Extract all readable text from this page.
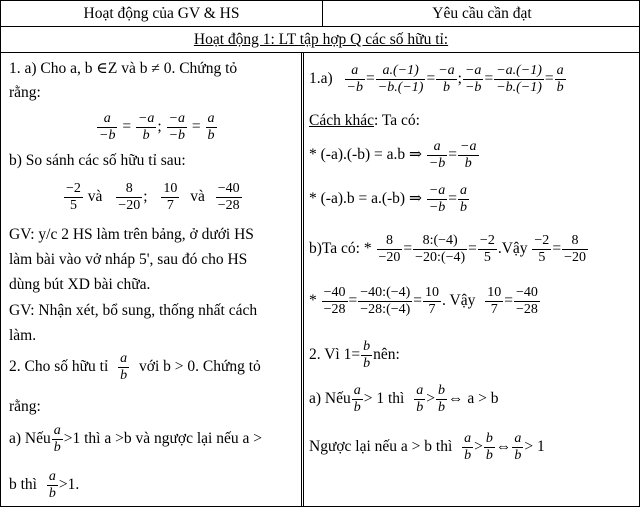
Hoạt động của GV & HS	Yêu cầu cần đạt
Hoạt động 1: LT tập hợp Q các số hữu tỉ:
1. a) Cho a, b ∈Z và b ≠ 0. Chứng tỏ
rằng:
$\frac{a}{-b} = \frac{-a}{b}$ ; $\frac{-a}{-b} = \frac{a}{b}$
b) So sánh các số hữu tỉ sau:
$\frac{-2}{5}$ và $\frac{8}{-20}$ ; $\frac{10}{7}$ và $\frac{-40}{-28}$
GV: y/c 2 HS làm trên bảng, ở dưới HS
làm bài vào vở nháp 5', sau đó cho HS
dùng bút XD bài chữa.
GV: Nhận xét, bổ sung, thống nhất cách
làm.
2. Cho số hữu tỉ $\frac{a}{b}$ với b > 0. Chứng tỏ
rằng:
a) Nếu $\frac{a}{b} >1$ thì a >b và ngược lại nếu a >
b thì $\frac{a}{b} >1$.
$1.a) \frac{a}{-b} = \frac{a.(-1)}{-b.(-1)} = \frac{-a}{b}$ ; $\frac{-a}{-b} = \frac{-a.(-1)}{-b.(-1)} = \frac{a}{b}$
Cách khác: Ta có:
* (-a).(-b) = a.b ⇒ $\frac{a}{-b} = \frac{-a}{b}$
* (-a).b = a.(-b) ⇒ $\frac{-a}{-b} = \frac{a}{b}$
b)Ta có: * $\frac{8}{-20} = \frac{8:(-4)}{-20:(-4)} = \frac{-2}{5}$ .Vậy $\frac{-2}{5} = \frac{8}{-20}$
* $\frac{-40}{-28} = \frac{-40:(-4)}{-28:(-4)} = \frac{10}{7}$ . Vậy $\frac{10}{7} = \frac{-40}{-28}$
2. Vì $1= \frac{b}{b}$ nên:
a) Nếu $\frac{a}{b} > 1$ thì $\frac{a}{b} > \frac{b}{b}$ ⇔ a > b
Ngược lại nếu a > b thì $\frac{a}{b} > \frac{b}{b}$ ⇔ $\frac{a}{b} > 1$
